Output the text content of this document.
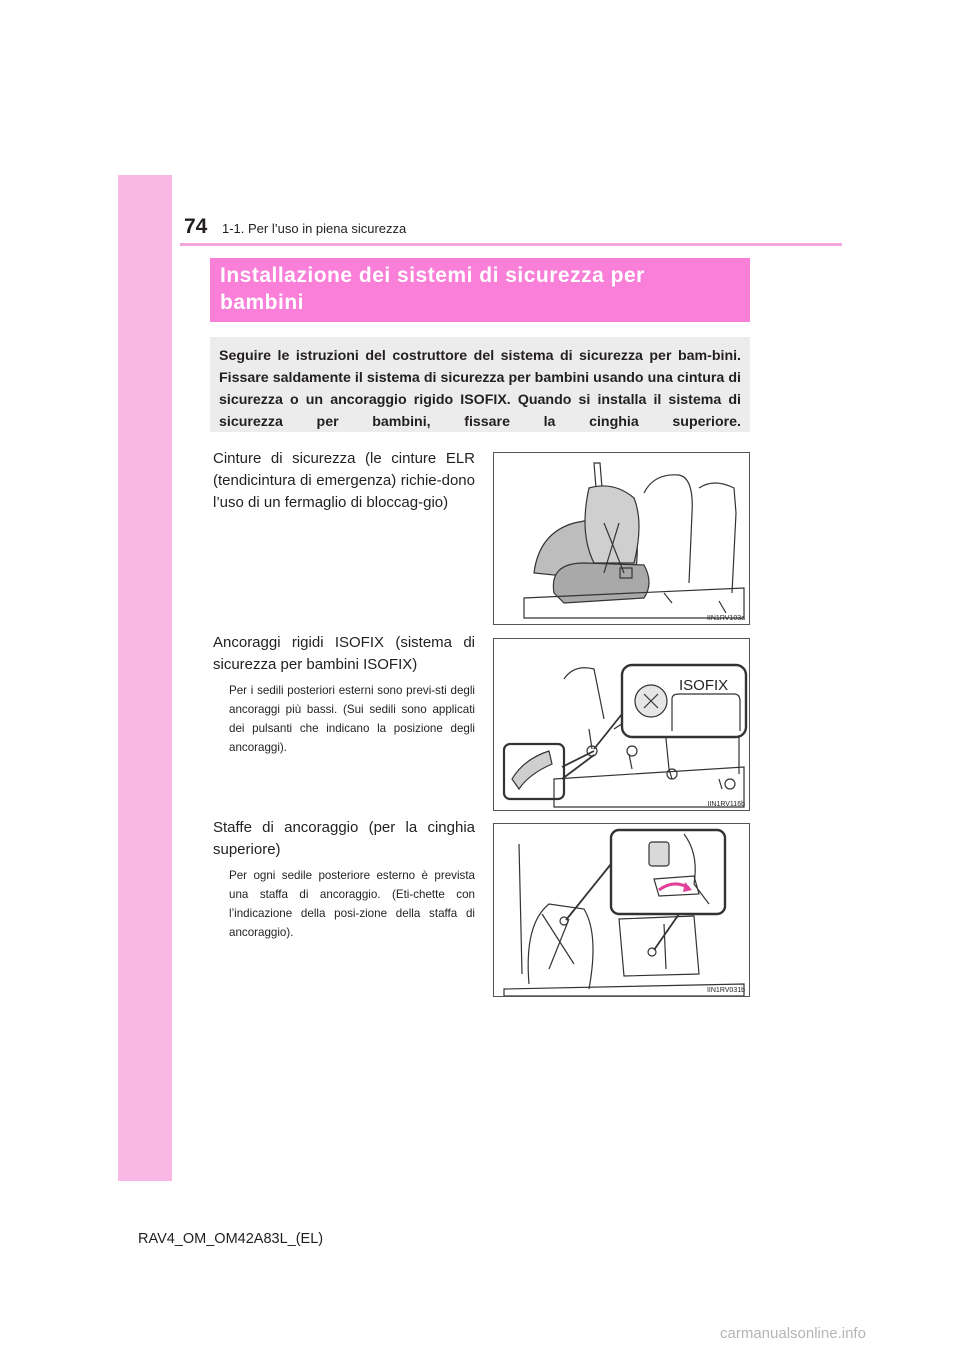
74 1-1. Per l’uso in piena sicurezza
Installazione dei sistemi di sicurezza per
bambini
Seguire le istruzioni del costruttore del sistema di sicurezza per bam-bini. Fissare saldamente il sistema di sicurezza per bambini usando una cintura di sicurezza o un ancoraggio rigido ISOFIX. Quando si installa il sistema di sicurezza per bambini, fissare la cinghia superiore.
Cinture di sicurezza (le cinture ELR (tendicintura di emergenza) richie-dono l’uso di un fermaglio di bloccag-gio)
IIN1RV103a
Ancoraggi rigidi ISOFIX (sistema di sicurezza per bambini ISOFIX)
Per i sedili posteriori esterni sono previ-sti degli ancoraggi più bassi. (Sui sedili sono applicati dei pulsanti che indicano la posizione degli ancoraggi).
ISOFIX
IIN1RV116b
Staffe di ancoraggio (per la cinghia superiore)
Per ogni sedile posteriore esterno è prevista una staffa di ancoraggio. (Eti-chette con l’indicazione della posi-zione della staffa di ancoraggio).
IIN1RV031b
RAV4_OM_OM42A83L_(EL)
carmanualsonline.info
